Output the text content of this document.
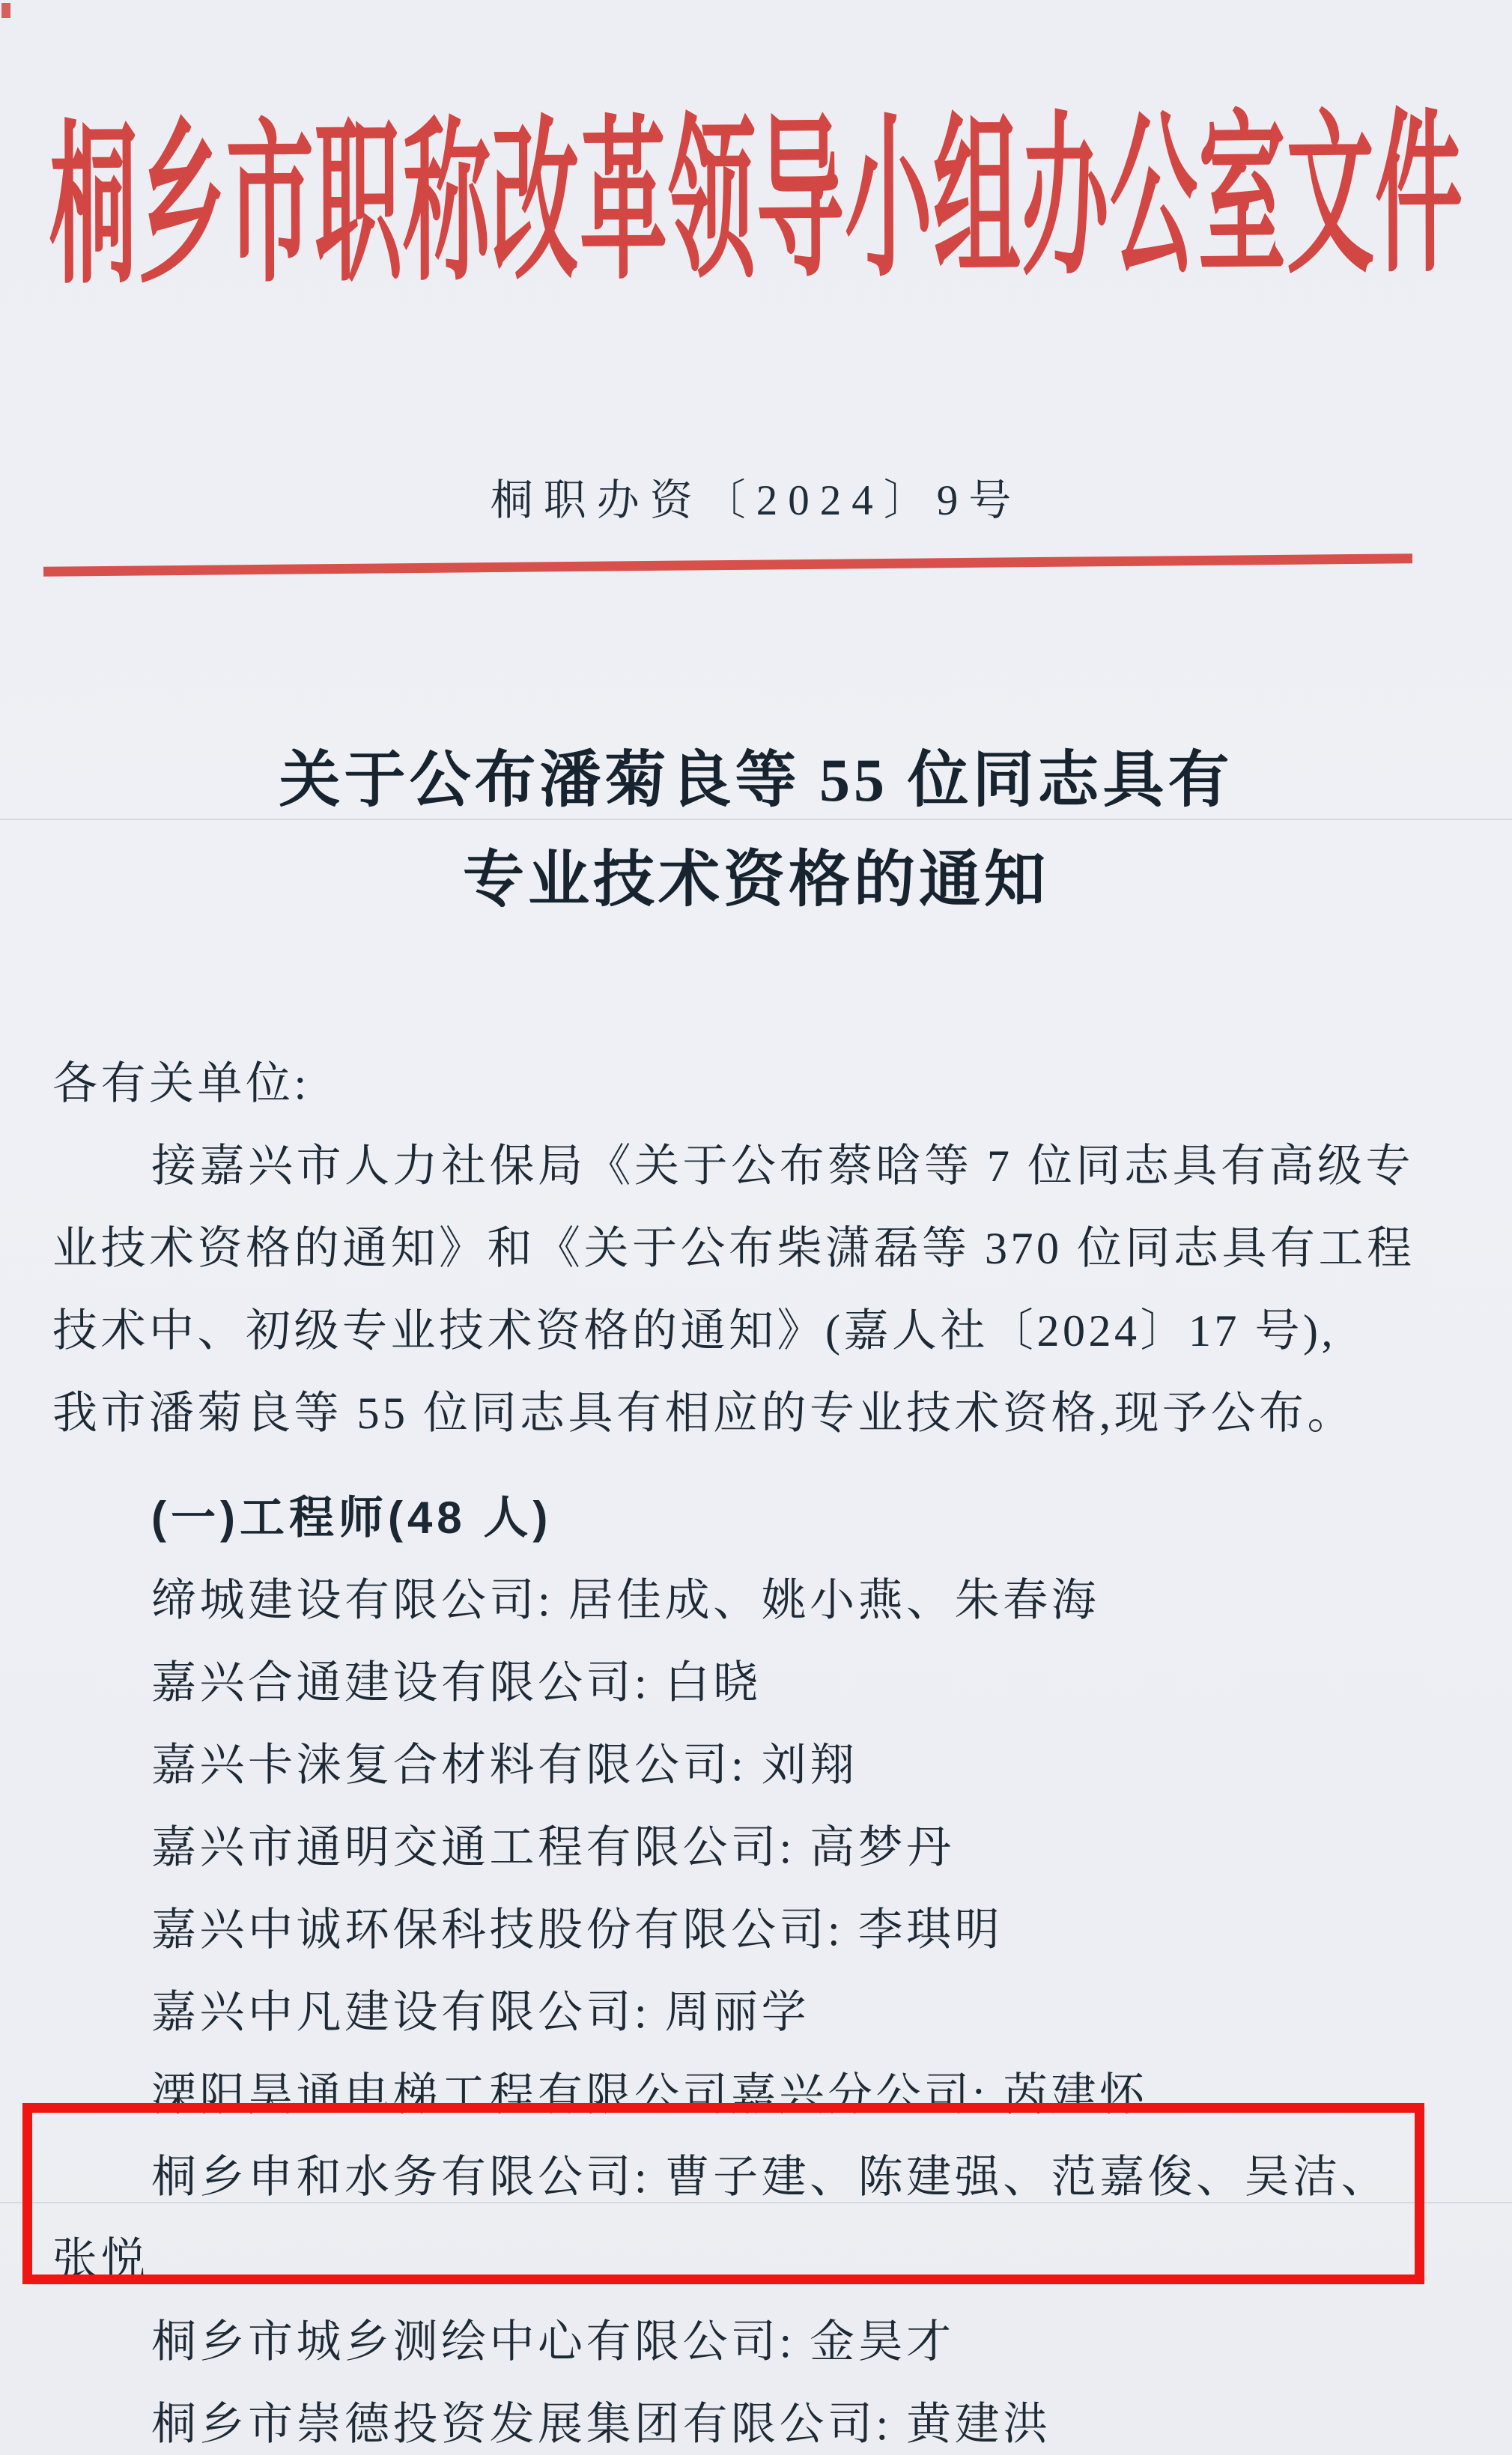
桐乡市职称改革领导小组办公室文件
桐职办资〔2024〕9号
关于公布潘菊良等 55 位同志具有
专业技术资格的通知
各有关单位:
接嘉兴市人力社保局《关于公布蔡晗等 7 位同志具有高级专
业技术资格的通知》和《关于公布柴潇磊等 370 位同志具有工程
技术中、初级专业技术资格的通知》(嘉人社〔2024〕17 号),
我市潘菊良等 55 位同志具有相应的专业技术资格,现予公布。
(一)工程师(48 人)
缔城建设有限公司: 居佳成、姚小燕、朱春海
嘉兴合通建设有限公司: 白晓
嘉兴卡涞复合材料有限公司: 刘翔
嘉兴市通明交通工程有限公司: 高梦丹
嘉兴中诚环保科技股份有限公司: 李琪明
嘉兴中凡建设有限公司: 周丽学
溧阳昊通电梯工程有限公司嘉兴分公司: 芮建怀
桐乡申和水务有限公司: 曹子建、陈建强、范嘉俊、吴洁、
张悦
桐乡市城乡测绘中心有限公司: 金昊才
桐乡市崇德投资发展集团有限公司: 黄建洪
